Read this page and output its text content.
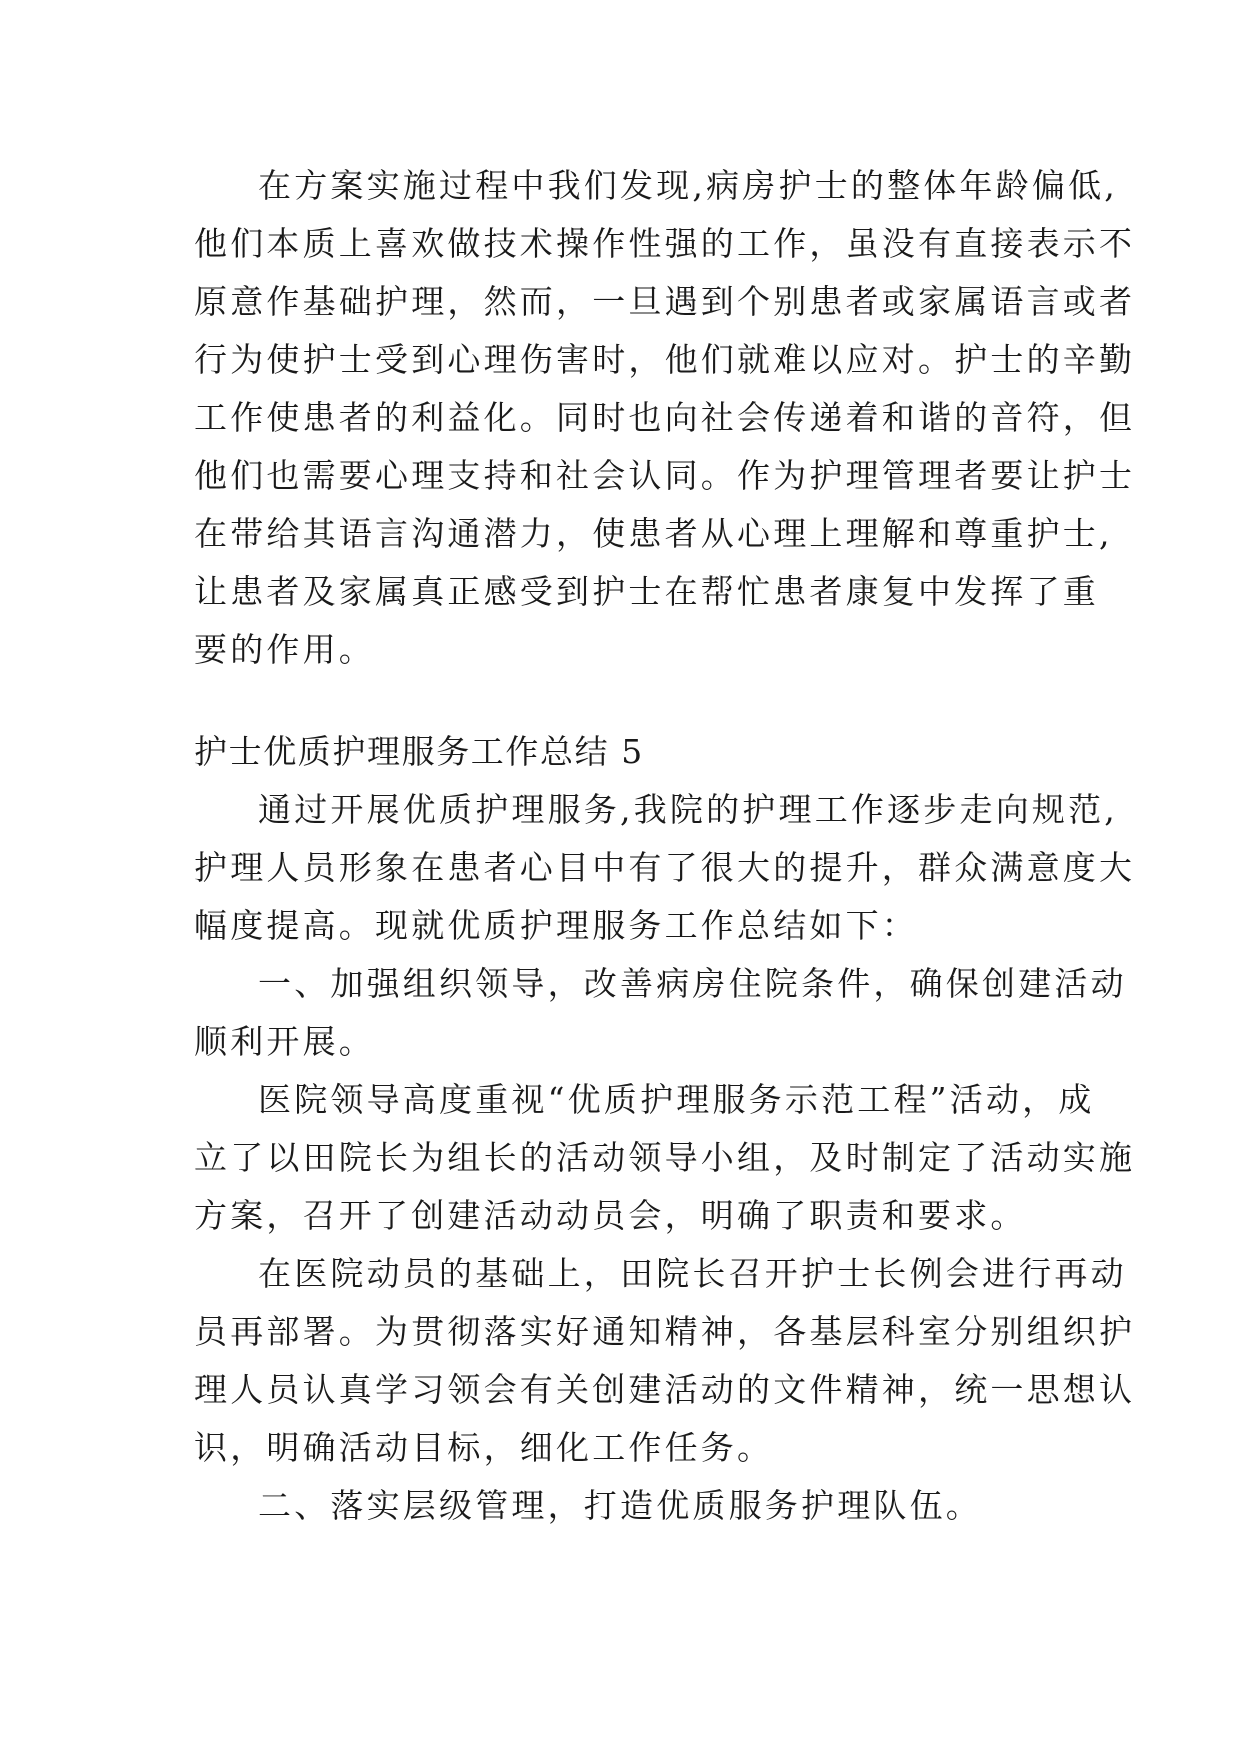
在方案实施过程中我们发现,病房护士的整体年龄偏低,

他们本质上喜欢做技术操作性强的工作，虽没有直接表示不

原意作基础护理，然而，一旦遇到个别患者或家属语言或者

行为使护士受到心理伤害时，他们就难以应对。护士的辛勤

工作使患者的利益化。同时也向社会传递着和谐的音符，但

他们也需要心理支持和社会认同。作为护理管理者要让护士

在带给其语言沟通潜力，使患者从心理上理解和尊重护士,

让患者及家属真正感受到护士在帮忙患者康复中发挥了重

要的作用。

护士优质护理服务工作总结 5

通过开展优质护理服务,我院的护理工作逐步走向规范,

护理人员形象在患者心目中有了很大的提升，群众满意度大

幅度提高。现就优质护理服务工作总结如下：

一、加强组织领导，改善病房住院条件，确保创建活动

顺利开展。

医院领导高度重视“优质护理服务示范工程”活动，成

立了以田院长为组长的活动领导小组，及时制定了活动实施

方案，召开了创建活动动员会，明确了职责和要求。

在医院动员的基础上，田院长召开护士长例会进行再动

员再部署。为贯彻落实好通知精神，各基层科室分别组织护

理人员认真学习领会有关创建活动的文件精神，统一思想认

识，明确活动目标，细化工作任务。

二、落实层级管理，打造优质服务护理队伍。
